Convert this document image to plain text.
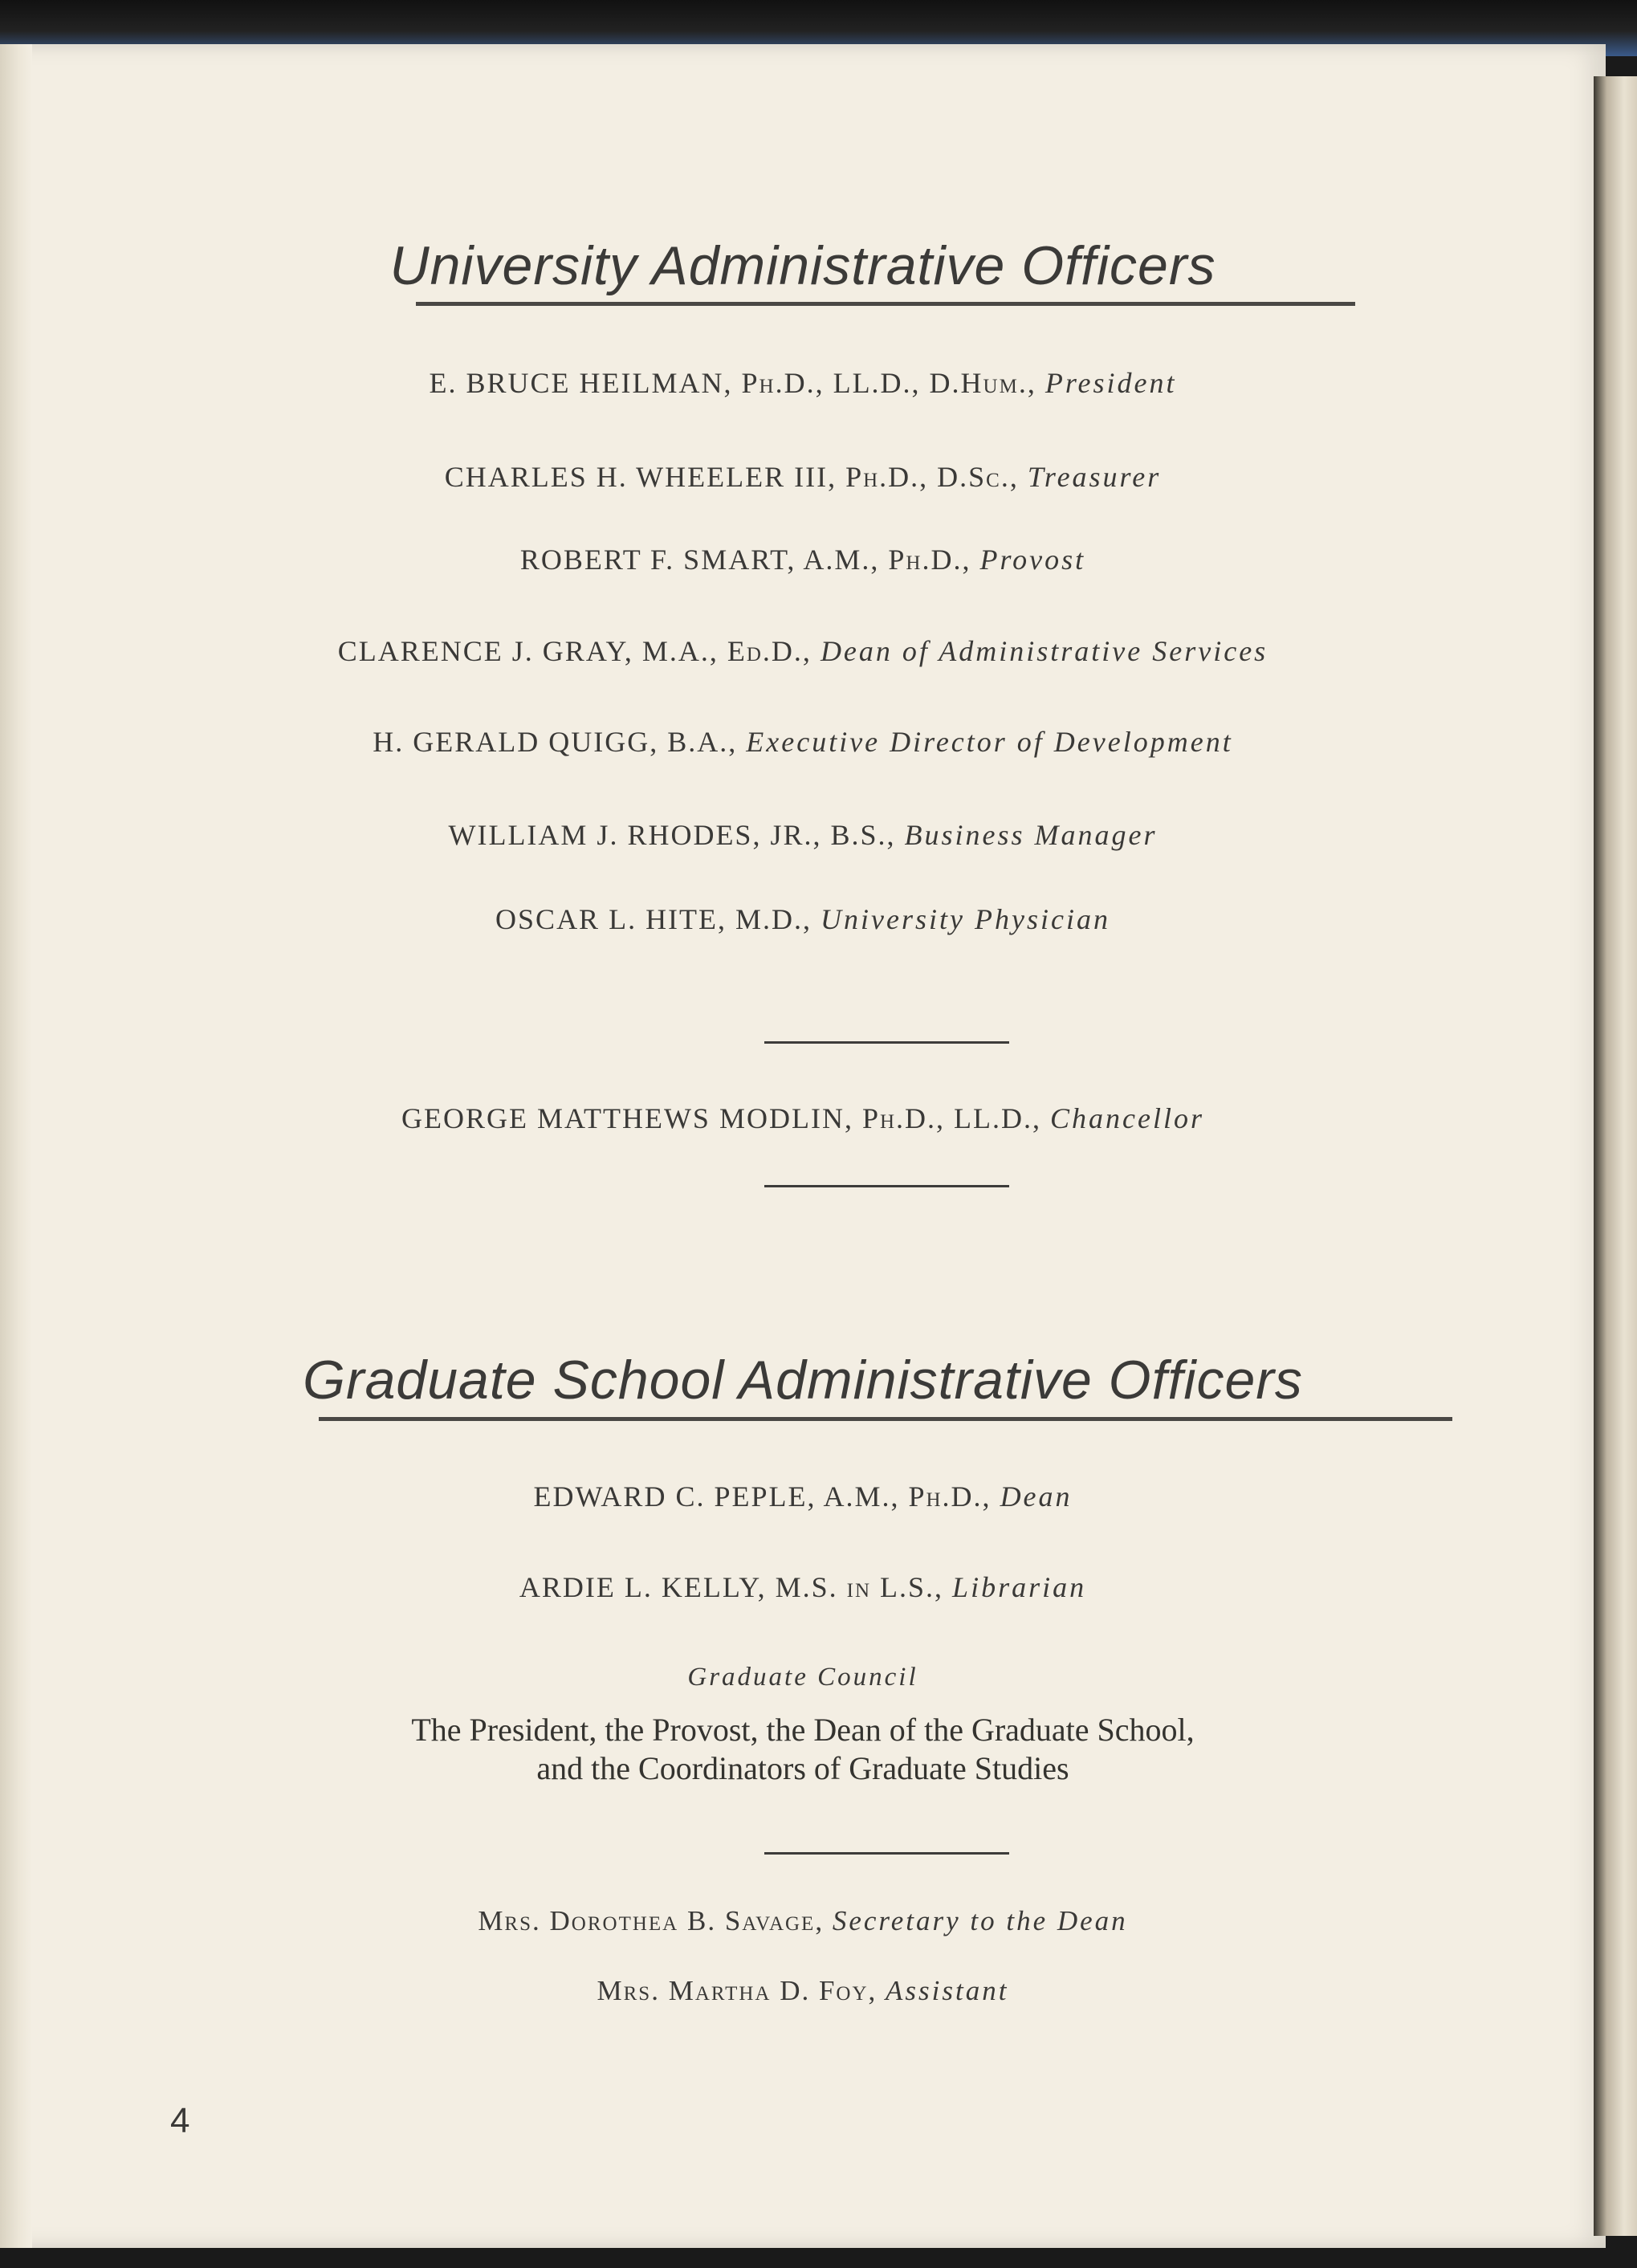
University Administrative Officers
E. BRUCE HEILMAN, Ph.D., LL.D., D.Hum., President
CHARLES H. WHEELER III, Ph.D., D.Sc., Treasurer
ROBERT F. SMART, A.M., Ph.D., Provost
CLARENCE J. GRAY, M.A., Ed.D., Dean of Administrative Services
H. GERALD QUIGG, B.A., Executive Director of Development
WILLIAM J. RHODES, JR., B.S., Business Manager
OSCAR L. HITE, M.D., University Physician
GEORGE MATTHEWS MODLIN, Ph.D., LL.D., Chancellor
Graduate School Administrative Officers
EDWARD C. PEPLE, A.M., Ph.D., Dean
ARDIE L. KELLY, M.S. in L.S., Librarian
Graduate Council
The President, the Provost, the Dean of the Graduate School,
and the Coordinators of Graduate Studies
Mrs. Dorothea B. Savage, Secretary to the Dean
Mrs. Martha D. Foy, Assistant
4
